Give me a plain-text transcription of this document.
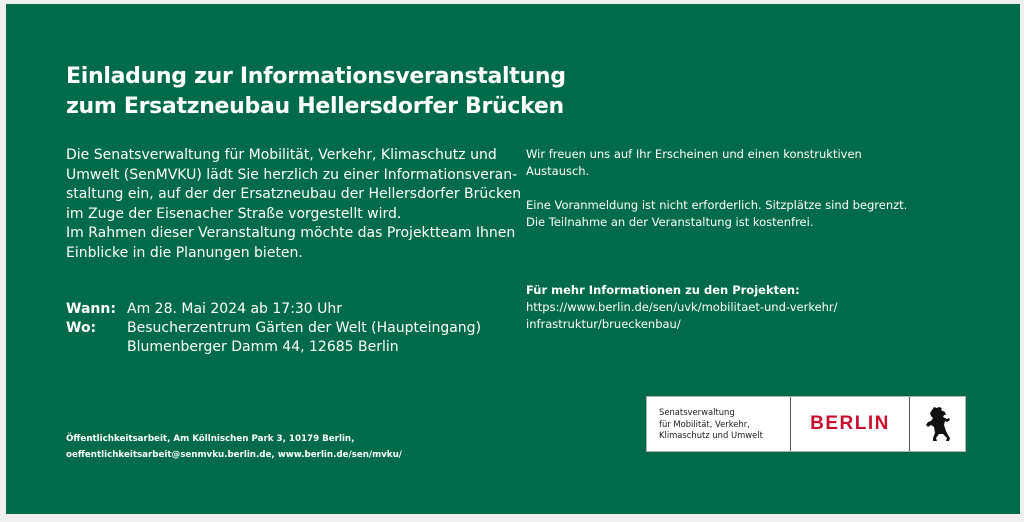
Einladung zur Informationsveranstaltung
zum Ersatzneubau Hellersdorfer Brücken

Die Senatsverwaltung für Mobilität, Verkehr, Klimaschutz und
Umwelt (SenMVKU) lädt Sie herzlich zu einer Informationsveran-
staltung ein, auf der der Ersatzneubau der Hellersdorfer Brücken
im Zuge der Eisenacher Straße vorgestellt wird.
Im Rahmen dieser Veranstaltung möchte das Projektteam Ihnen
Einblicke in die Planungen bieten.

Wann: Am 28. Mai 2024 ab 17:30 Uhr
Wo:	Besucherzentrum Gärten der Welt (Haupteingang)
Blumenberger Damm 44, 12685 Berlin

Wir freuen uns auf Ihr Erscheinen und einen konstruktiven
Austausch.

Eine Voranmeldung ist nicht erforderlich. Sitzplätze sind begrenzt.
Die Teilnahme an der Veranstaltung ist kostenfrei.

Für mehr Informationen zu den Projekten:

https://www.berlin.de/sen/uvk/mobilitaet-und-verkehr/
infrastruktur/brueckenbau/

Öffentlichkeitsarbeit, Am Köllnischen Park 3, 10179 Berlin,
oeffentlichkeitsarbeit@senmvku.berlin.de, www.berlin.de/sen/mvku/
Senatsverwaltung
für Mobilität, Verkehr,
Klimaschutz und Umwelt
BERLIN
